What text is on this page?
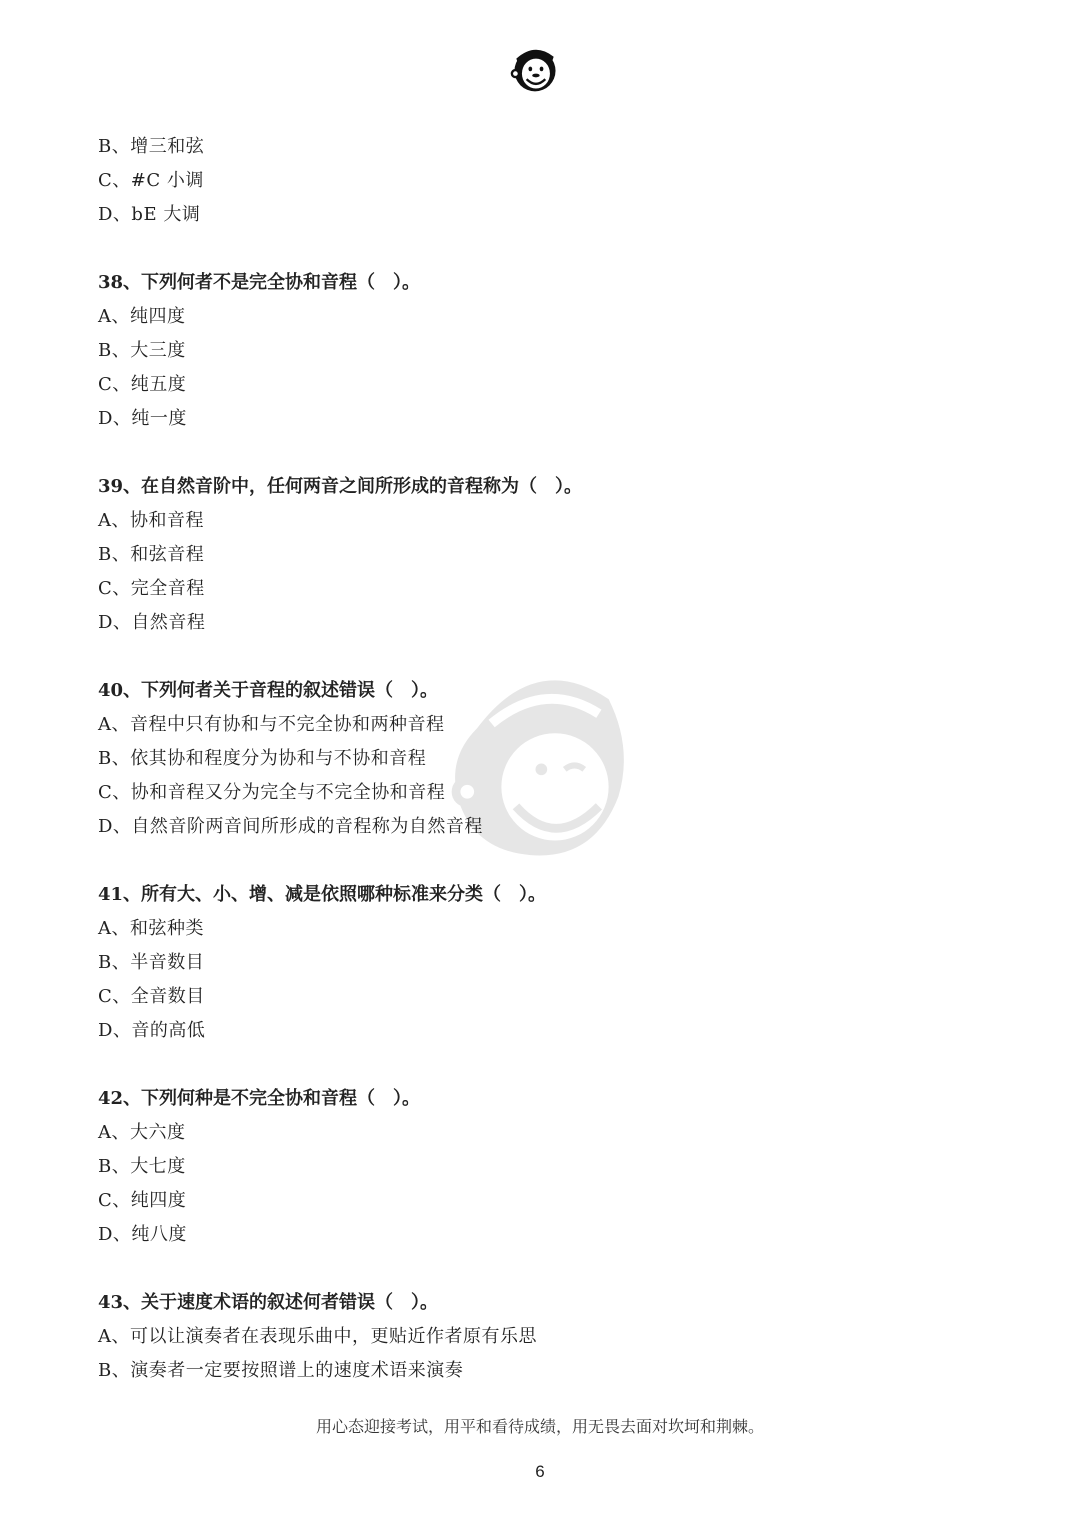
B、增三和弦
C、#C 小调
D、bE 大调
38、下列何者不是完全协和音程（　）。
A、纯四度
B、大三度
C、纯五度
D、纯一度
39、在自然音阶中，任何两音之间所形成的音程称为（　）。
A、协和音程
B、和弦音程
C、完全音程
D、自然音程
40、下列何者关于音程的叙述错误（　）。
A、音程中只有协和与不完全协和两种音程
B、依其协和程度分为协和与不协和音程
C、协和音程又分为完全与不完全协和音程
D、自然音阶两音间所形成的音程称为自然音程
41、所有大、小、增、减是依照哪种标准来分类（　）。
A、和弦种类
B、半音数目
C、全音数目
D、音的高低
42、下列何种是不完全协和音程（　）。
A、大六度
B、大七度
C、纯四度
D、纯八度
43、关于速度术语的叙述何者错误（　）。
A、可以让演奏者在表现乐曲中，更贴近作者原有乐思
B、演奏者一定要按照谱上的速度术语来演奏
用心态迎接考试，用平和看待成绩，用无畏去面对坎坷和荆棘。
6
